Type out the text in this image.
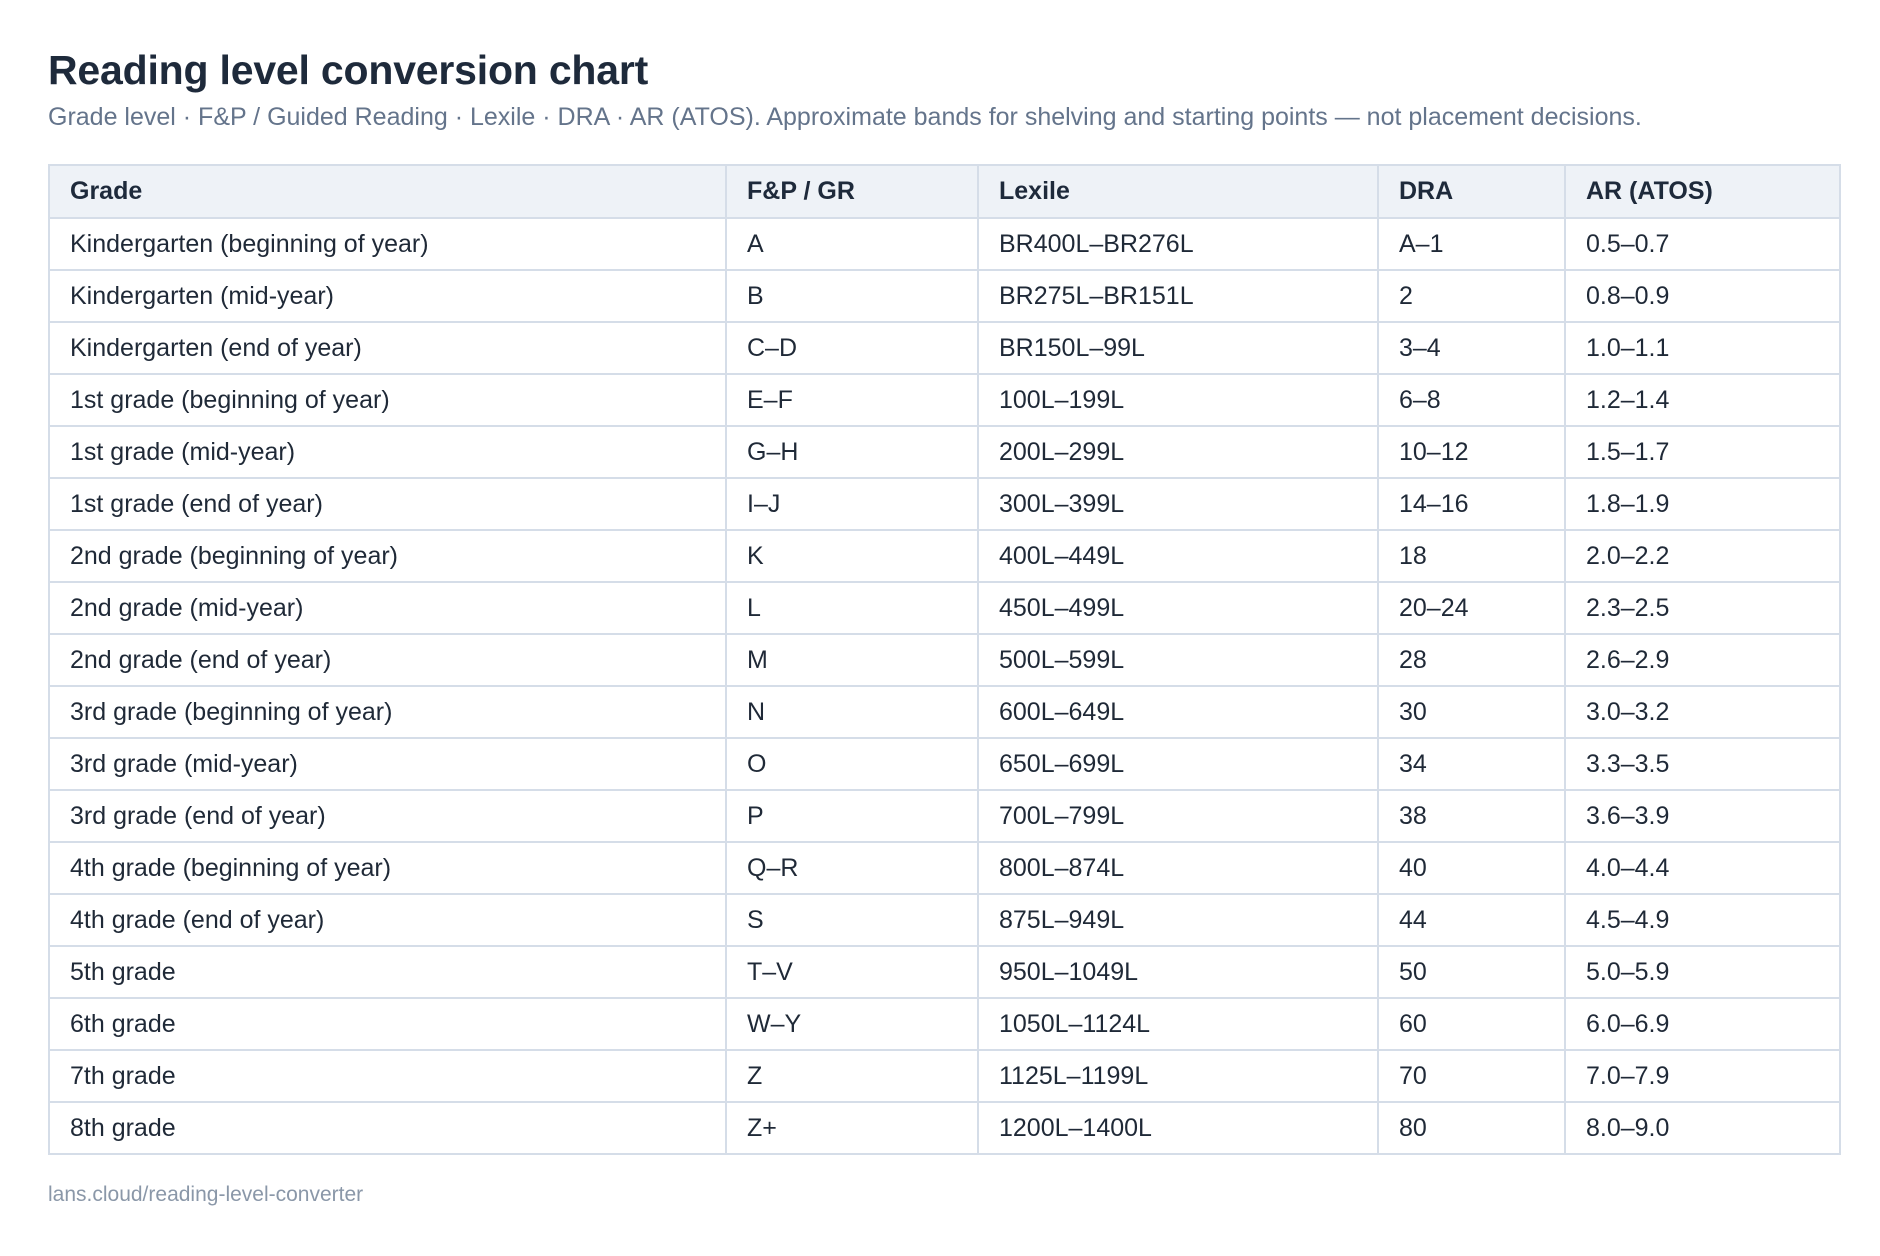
Reading level conversion chart

Grade level · F&P / Guided Reading · Lexile · DRA · AR (ATOS). Approximate bands for shelving and starting points — not placement decisions.

Grade	F&P / GR	Lexile	DRA	AR (ATOS)
Kindergarten (beginning of year)	A	BR400L–BR276L	A–1	0.5–0.7
Kindergarten (mid-year)	B	BR275L–BR151L	2	0.8–0.9
Kindergarten (end of year)	C–D	BR150L–99L	3–4	1.0–1.1
1st grade (beginning of year)	E–F	100L–199L	6–8	1.2–1.4
1st grade (mid-year)	G–H	200L–299L	10–12	1.5–1.7
1st grade (end of year)	I–J	300L–399L	14–16	1.8–1.9
2nd grade (beginning of year)	K	400L–449L	18	2.0–2.2
2nd grade (mid-year)	L	450L–499L	20–24	2.3–2.5
2nd grade (end of year)	M	500L–599L	28	2.6–2.9
3rd grade (beginning of year)	N	600L–649L	30	3.0–3.2
3rd grade (mid-year)	O	650L–699L	34	3.3–3.5
3rd grade (end of year)	P	700L–799L	38	3.6–3.9
4th grade (beginning of year)	Q–R	800L–874L	40	4.0–4.4
4th grade (end of year)	S	875L–949L	44	4.5–4.9
5th grade	T–V	950L–1049L	50	5.0–5.9
6th grade	W–Y	1050L–1124L	60	6.0–6.9
7th grade	Z	1125L–1199L	70	7.0–7.9
8th grade	Z+	1200L–1400L	80	8.0–9.0
lans.cloud/reading-level-converter
